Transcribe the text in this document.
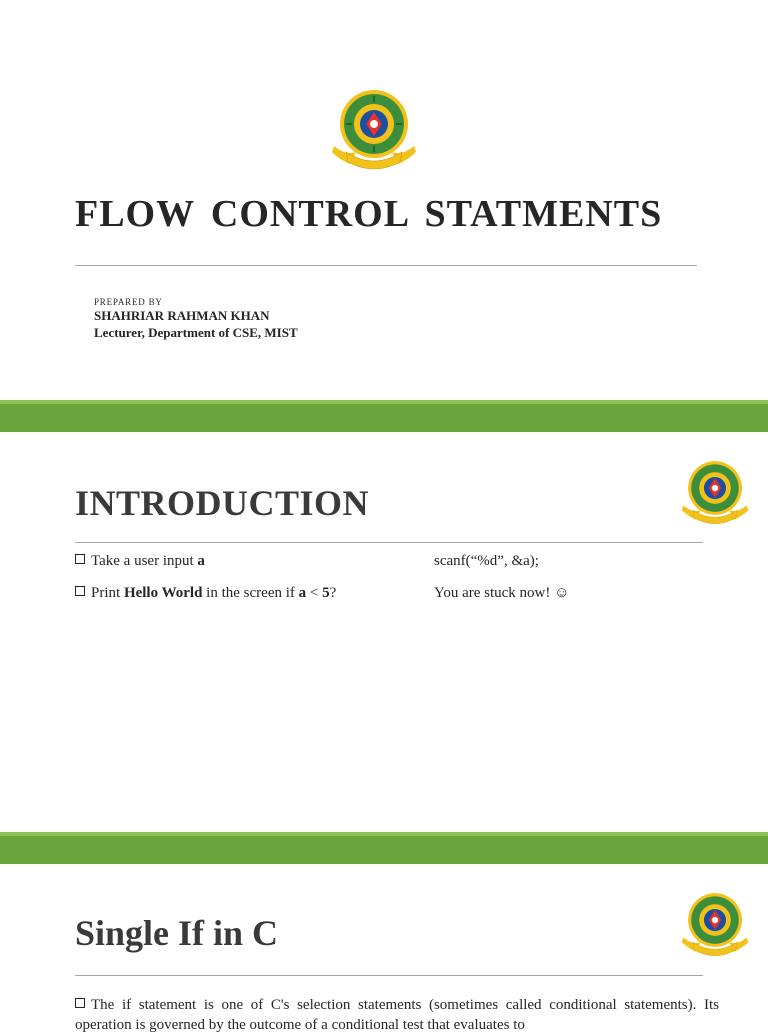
FLOW CONTROL STATMENTS
PREPARED BY
SHAHRIAR RAHMAN KHAN
Lecturer, Department of CSE, MIST
INTRODUCTION
Take a user input a	scanf(“%d”, &a);
Print Hello World in the screen if a < 5?	You are stuck now! ☺
Single If in C

The if statement is one of C's selection statements (sometimes called conditional statements). Its operation is governed by the outcome of a conditional test that evaluates to
